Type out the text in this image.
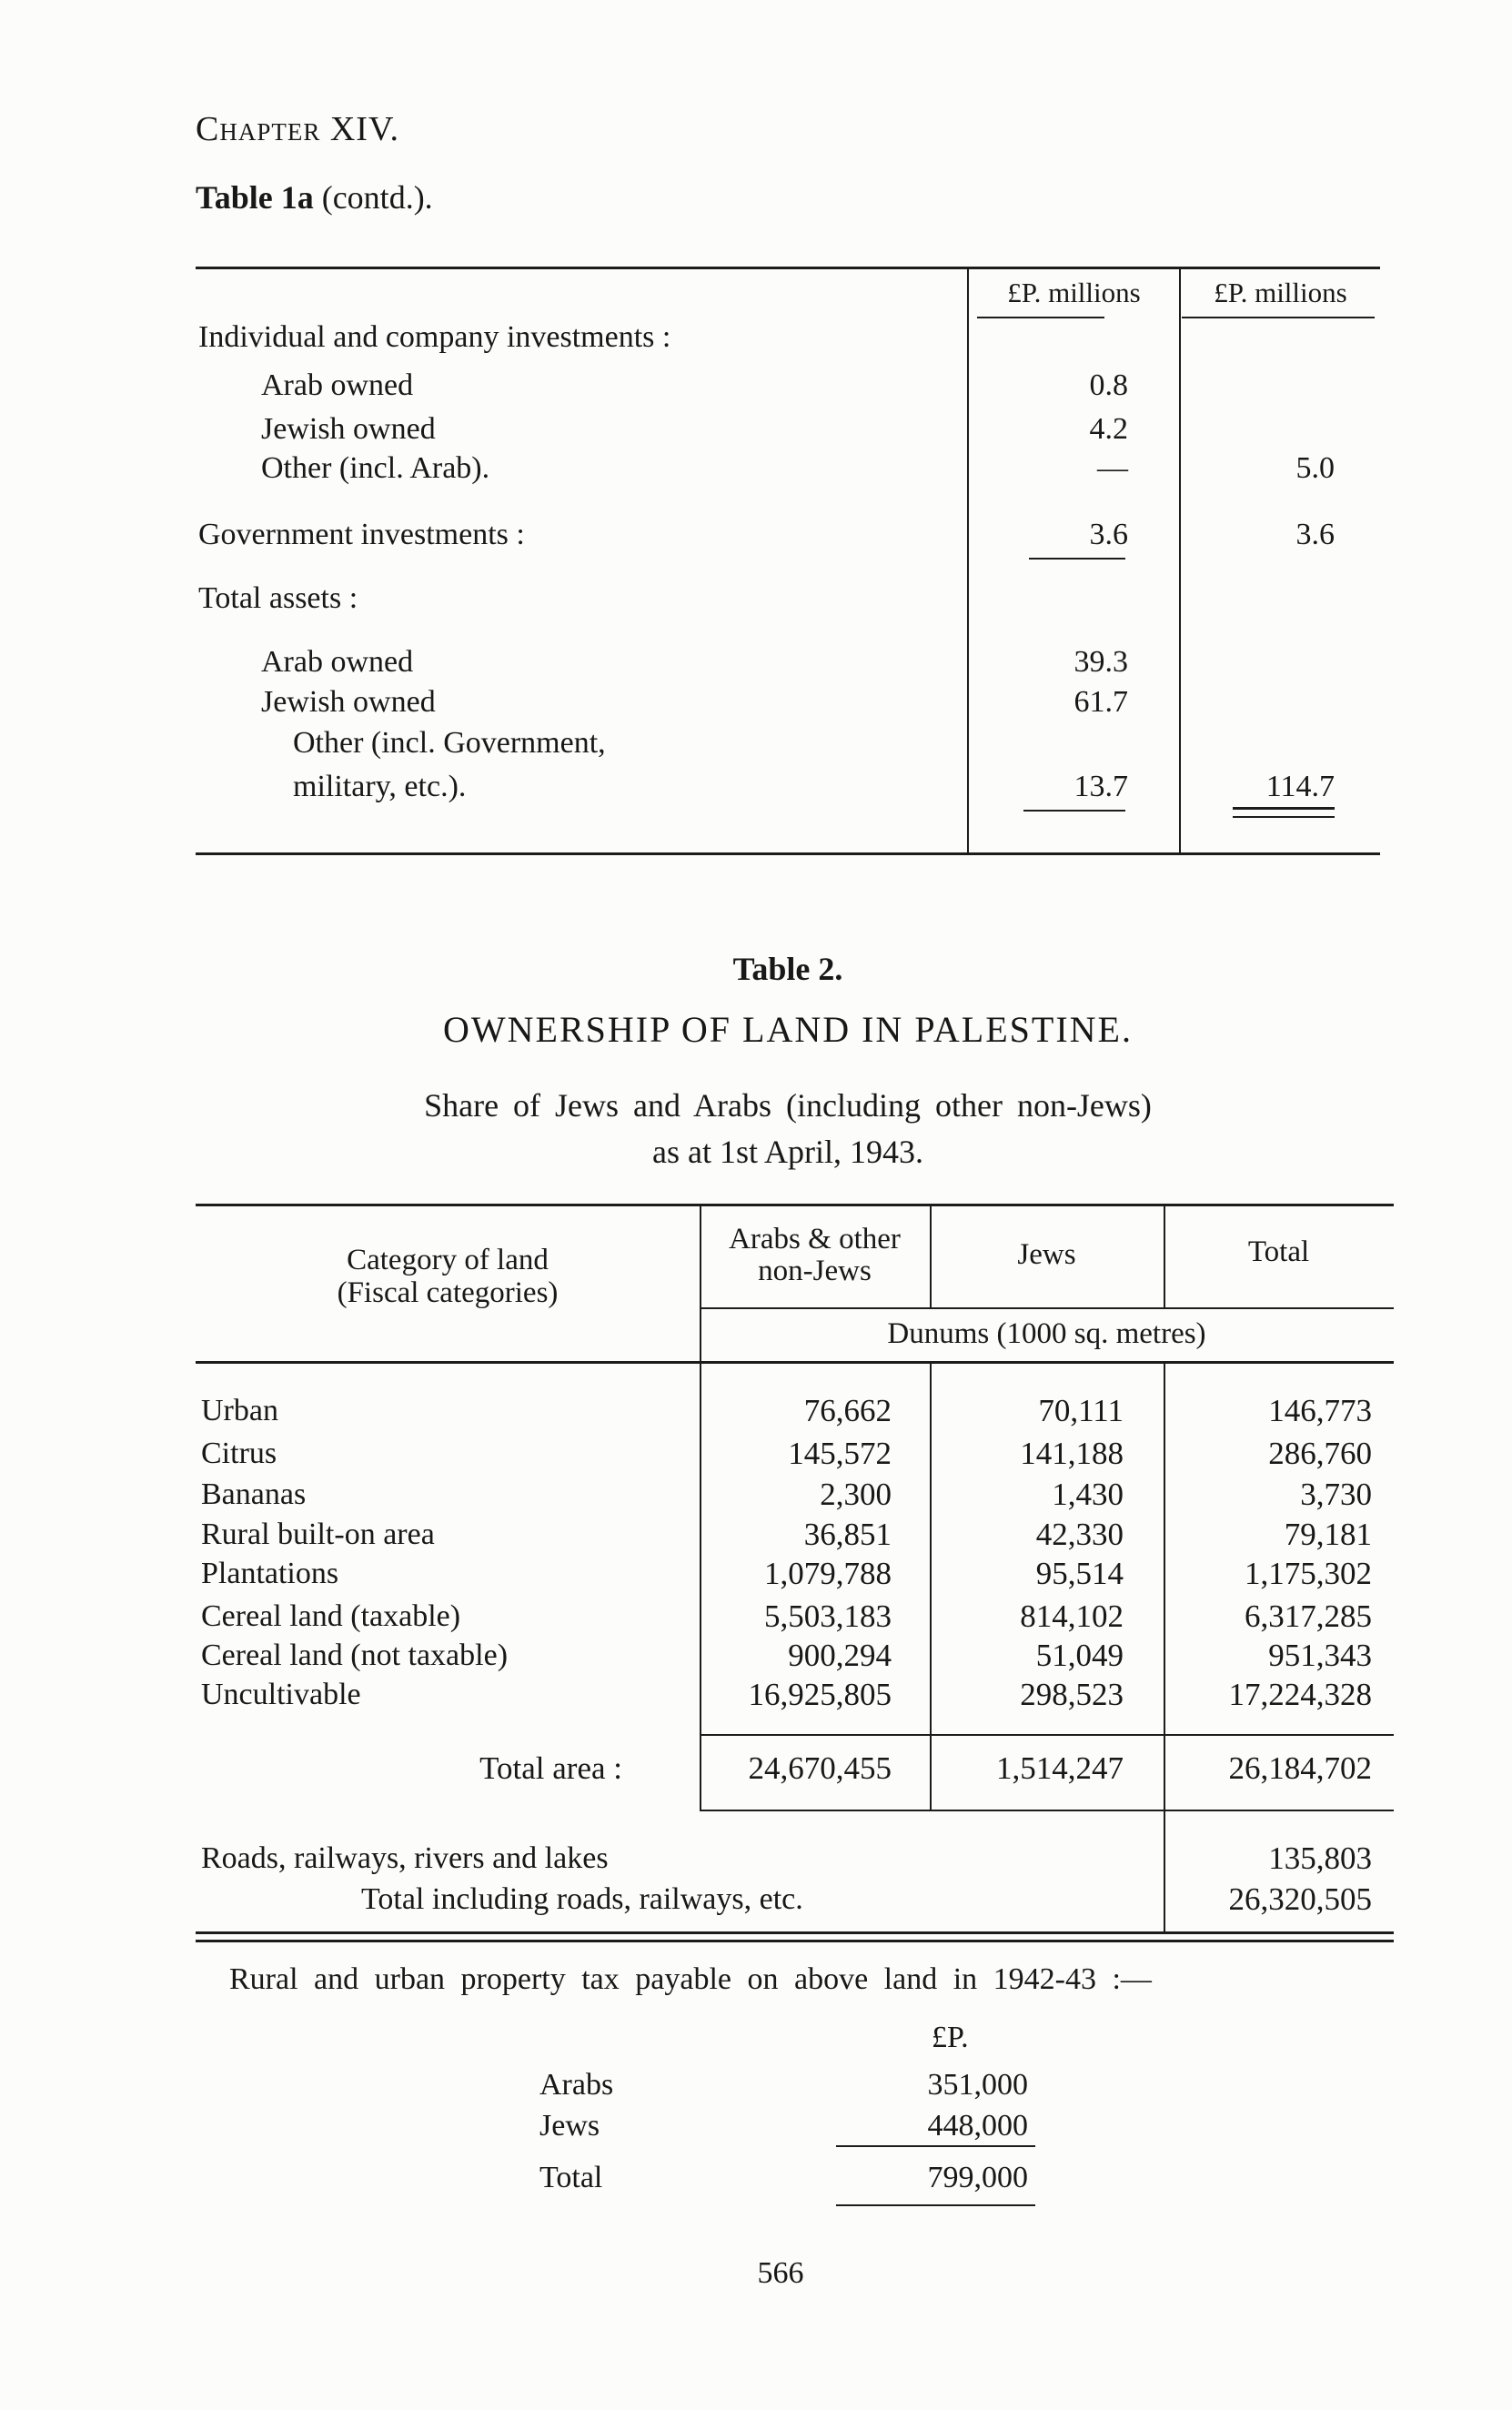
Chapter XIV.
Table 1a (contd.).
£P. millions	£P. millions
Individual and company investments :
Arab owned	0.8
Jewish owned	4.2
Other (incl. Arab).	—	5.0
Government investments :	3.6	3.6
Total assets :
Arab owned	39.3
Jewish owned	61.7
Other (incl. Government,
military, etc.).	13.7	114.7
Table 2.
OWNERSHIP OF LAND IN PALESTINE.
Share of Jews and Arabs (including other non-Jews)
as at 1st April, 1943.
Category of land
(Fiscal categories)
Arabs & other
non-Jews	Jews	Total
Dunums (1000 sq. metres)
Urban	76,662	70,111	146,773
Citrus	145,572	141,188	286,760
Bananas	2,300	1,430	3,730
Rural built-on area	36,851	42,330	79,181
Plantations	1,079,788	95,514	1,175,302
Cereal land (taxable)	5,503,183	814,102	6,317,285
Cereal land (not taxable)	900,294	51,049	951,343
Uncultivable	16,925,805	298,523	17,224,328
Total area :	24,670,455	1,514,247	26,184,702
Roads, railways, rivers and lakes	135,803
Total including roads, railways, etc.	26,320,505
Rural and urban property tax payable on above land in 1942-43 :—
£P.
Arabs	351,000
Jews	448,000
Total	799,000
566
